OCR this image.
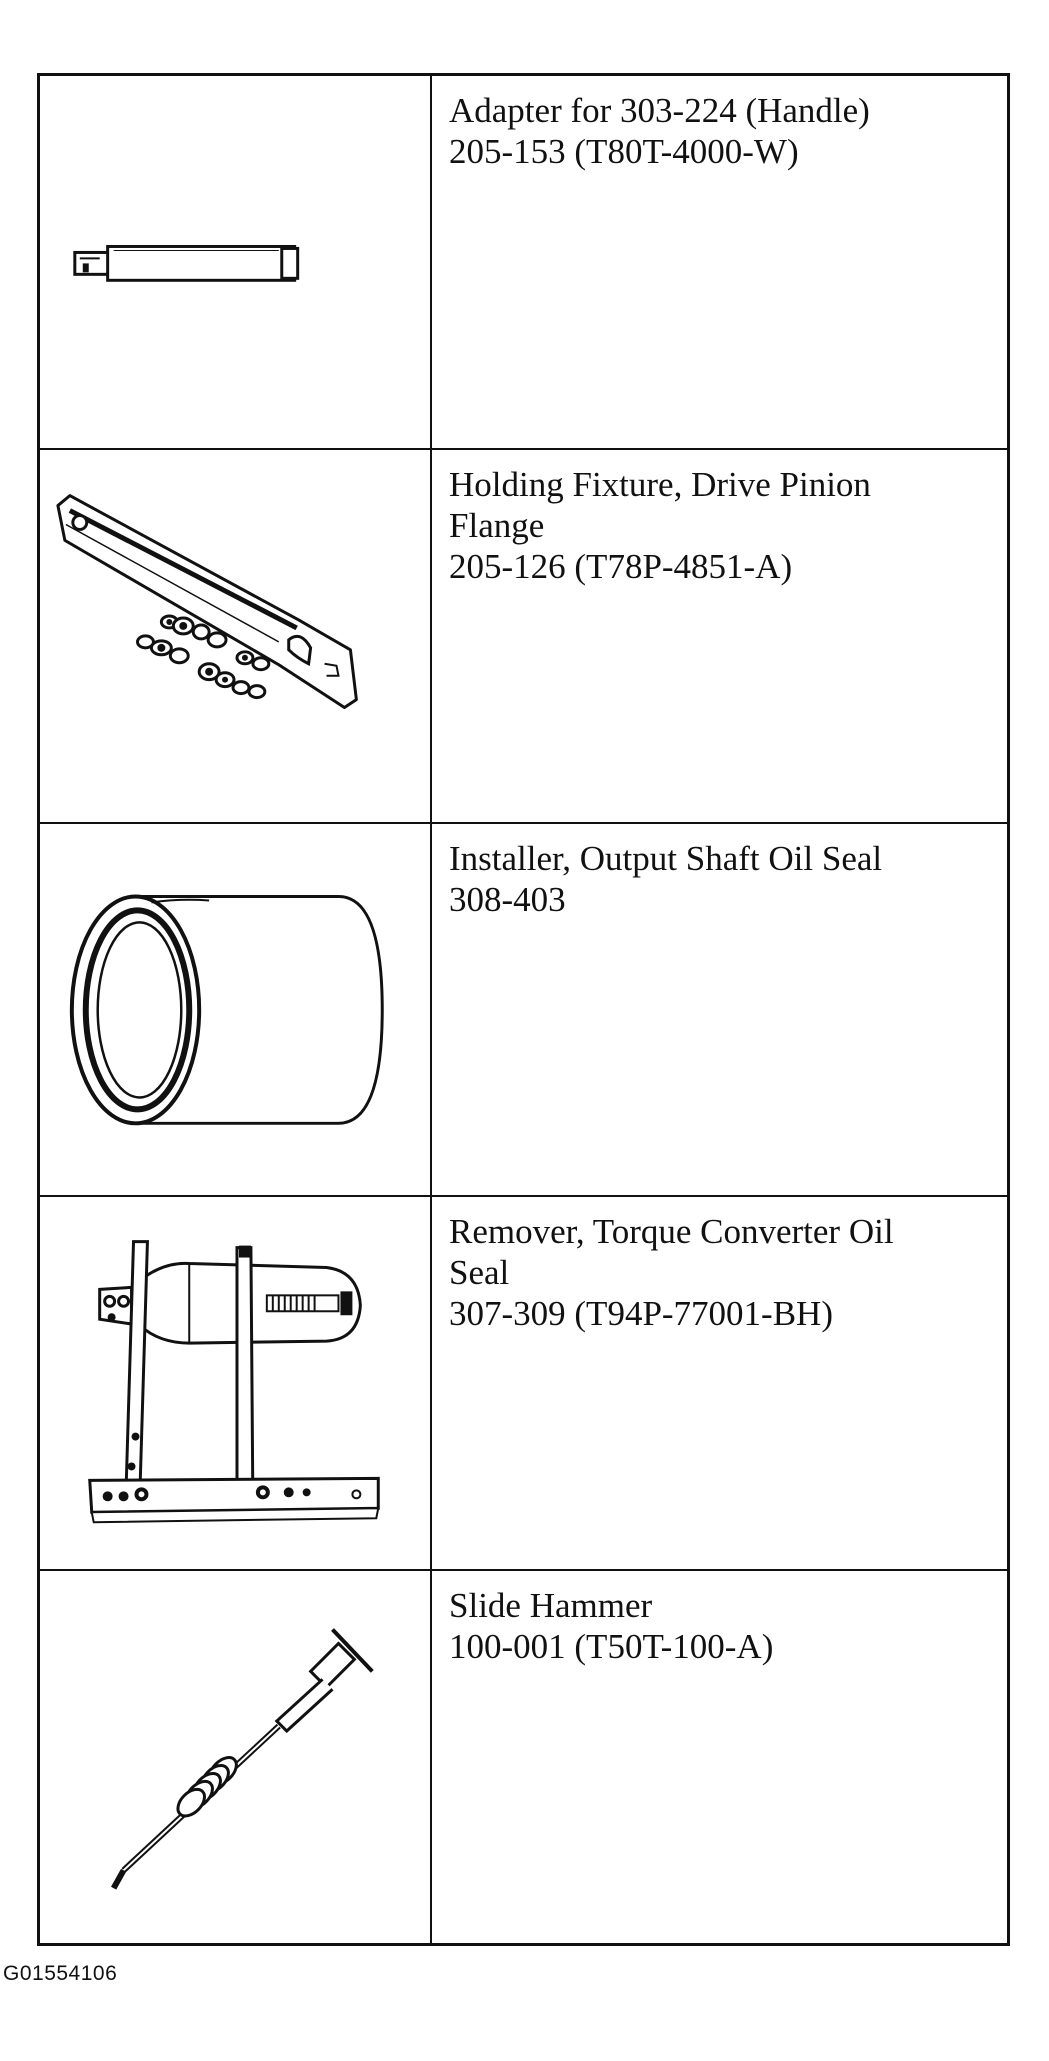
Adapter for 303-224 (Handle)
205-153 (T80T-4000-W)
Holding Fixture, Drive Pinion
Flange
205-126 (T78P-4851-A)
Installer, Output Shaft Oil Seal
308-403
Remover, Torque Converter Oil
Seal
307-309 (T94P-77001-BH)
Slide Hammer
100-001 (T50T-100-A)
G01554106
